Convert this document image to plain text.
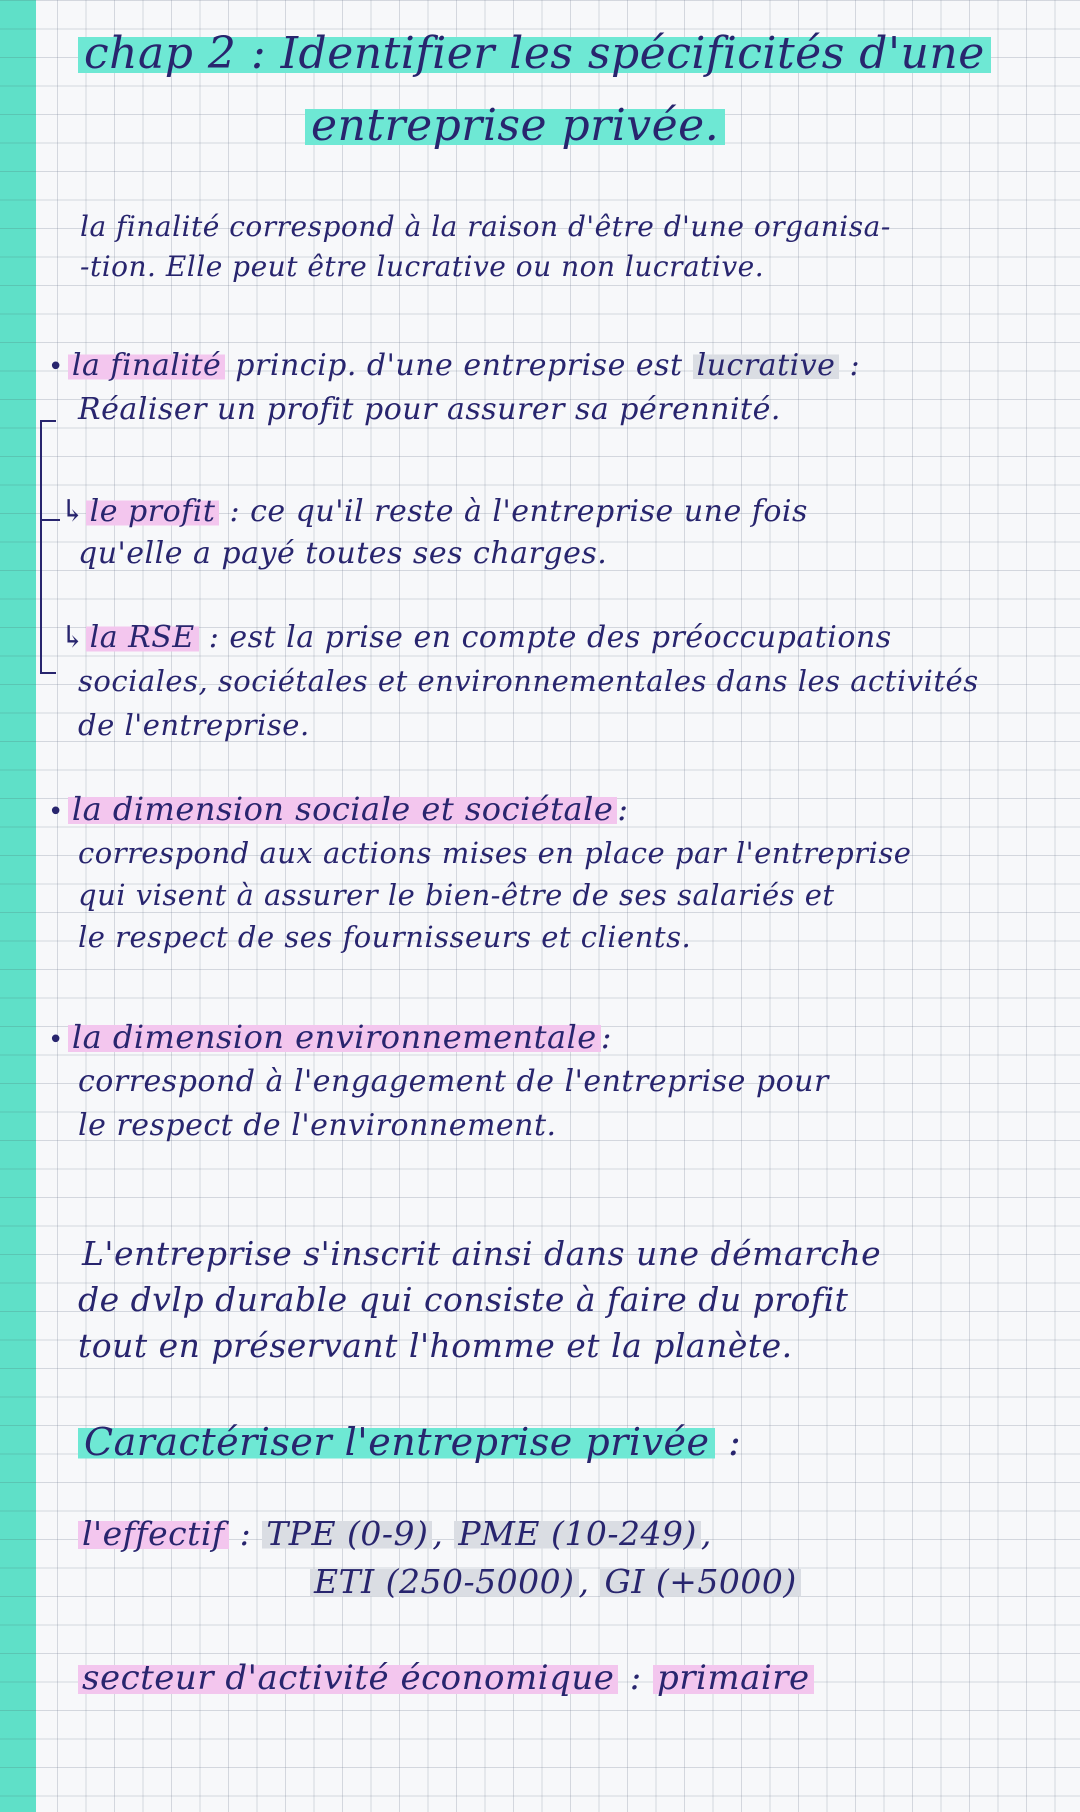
chap 2 : Identifier les spécificités d'une
entreprise privée.
la finalité correspond à la raison d'être d'une organisa-
-tion. Elle peut être lucrative ou non lucrative.
• la finalité princip. d'une entreprise est lucrative :
Réaliser un profit pour assurer sa pérennité.
↳ le profit : ce qu'il reste à l'entreprise une fois
qu'elle a payé toutes ses charges.
↳ la RSE : est la prise en compte des préoccupations
sociales, sociétales et environnementales dans les activités
de l'entreprise.
• la dimension sociale et sociétale :
correspond aux actions mises en place par l'entreprise
qui visent à assurer le bien-être de ses salariés et
le respect de ses fournisseurs et clients.
• la dimension environnementale :
correspond à l'engagement de l'entreprise pour
le respect de l'environnement.
L'entreprise s'inscrit ainsi dans une démarche
de dvlp durable qui consiste à faire du profit
tout en préservant l'homme et la planète.
Caractériser l'entreprise privée :
l'effectif : TPE (0-9) , PME (10-249) ,
ETI (250-5000) , GI (+5000)
secteur d'activité économique : primaire
